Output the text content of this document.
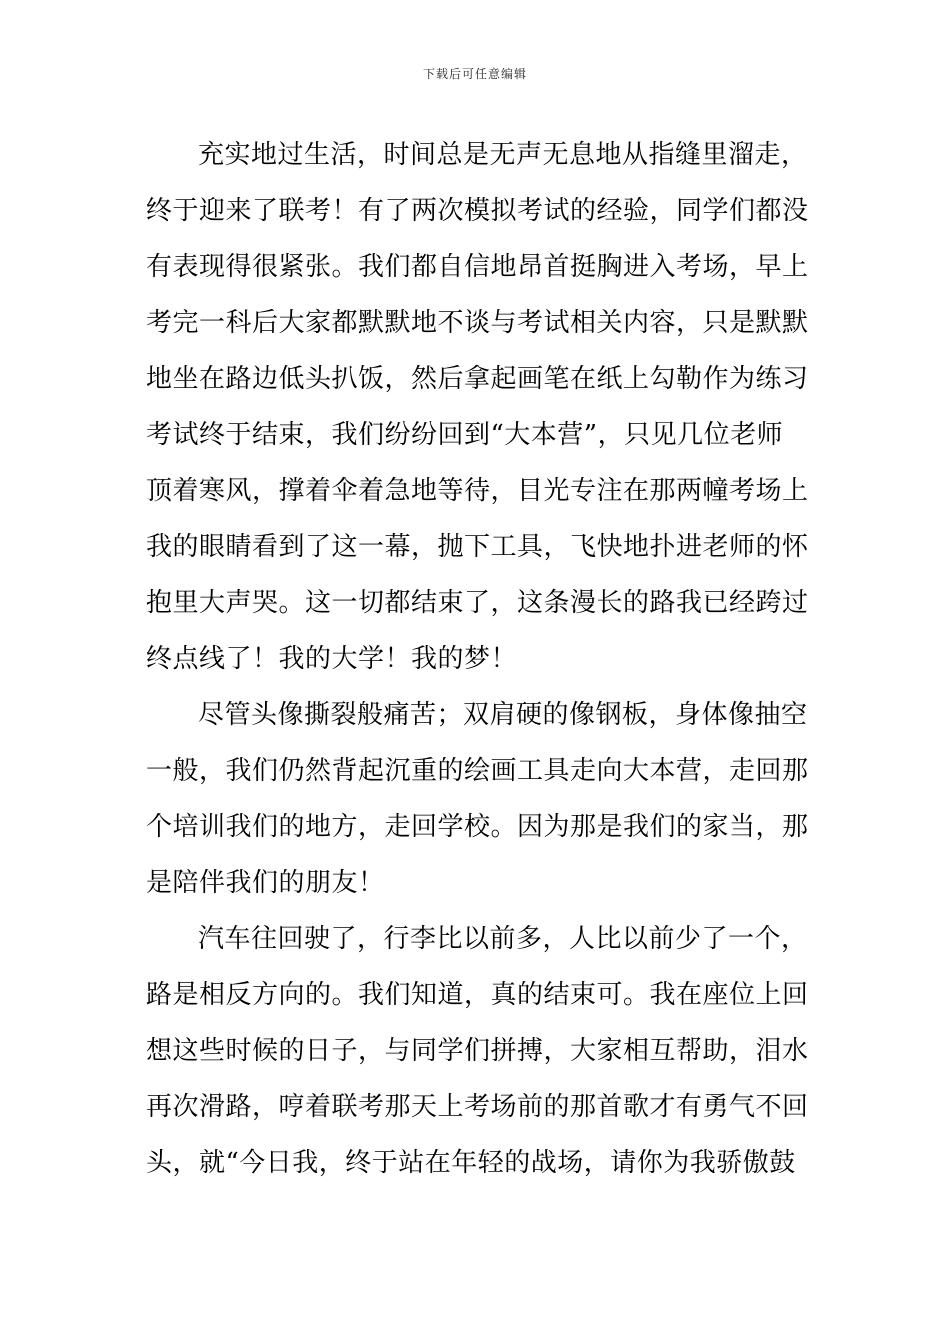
下载后可任意编辑
充实地过生活，时间总是无声无息地从指缝里溜走，
终于迎来了联考！有了两次模拟考试的经验，同学们都没
有表现得很紧张。我们都自信地昂首挺胸进入考场，早上
考完一科后大家都默默地不谈与考试相关内容，只是默默
地坐在路边低头扒饭，然后拿起画笔在纸上勾勒作为练习
考试终于结束，我们纷纷回到“大本营”，只见几位老师
顶着寒风，撑着伞着急地等待，目光专注在那两幢考场上
我的眼睛看到了这一幕，抛下工具，飞快地扑进老师的怀
抱里大声哭。这一切都结束了，这条漫长的路我已经跨过
终点线了！我的大学！我的梦！
尽管头像撕裂般痛苦；双肩硬的像钢板，身体像抽空
一般，我们仍然背起沉重的绘画工具走向大本营，走回那
个培训我们的地方，走回学校。因为那是我们的家当，那
是陪伴我们的朋友！
汽车往回驶了，行李比以前多，人比以前少了一个，
路是相反方向的。我们知道，真的结束可。我在座位上回
想这些时候的日子，与同学们拼搏，大家相互帮助，泪水
再次滑路，哼着联考那天上考场前的那首歌才有勇气不回
头，就“今日我，终于站在年轻的战场，请你为我骄傲鼓
